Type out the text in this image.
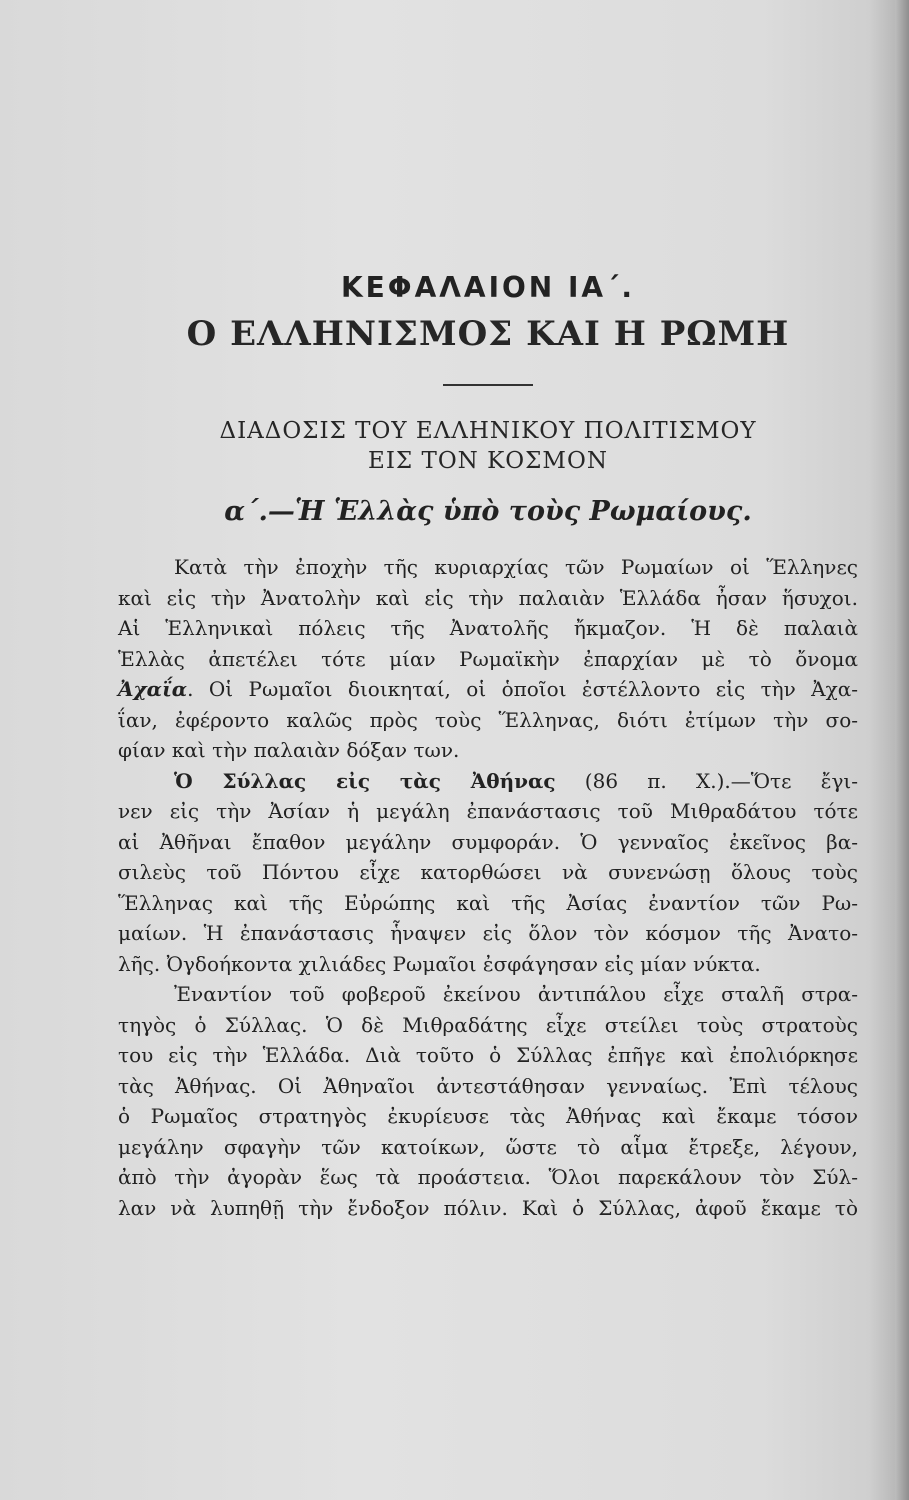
ΚΕΦΑΛΑΙΟΝ ΙΑ΄.
Ο ΕΛΛΗΝΙΣΜΟΣ ΚΑΙ Η ΡΩΜΗ

ΔΙΑΔΟΣΙΣ ΤΟΥ ΕΛΛΗΝΙΚΟΥ ΠΟΛΙΤΙΣΜΟΥ

ΕΙΣ ΤΟΝ ΚΟΣΜΟΝ

α΄.—Ἡ Ἑλλὰς ὑπὸ τοὺς Ρωμαίους.

Κατὰ τὴν ἐποχὴν τῆς κυριαρχίας τῶν Ρωμαίων οἱ Ἕλληνες
καὶ εἰς τὴν Ἀνατολὴν καὶ εἰς τὴν παλαιὰν Ἑλλάδα ἦσαν ἥσυχοι.
Αἱ Ἑλληνικαὶ πόλεις τῆς Ἀνατολῆς ἤκμαζον. Ἡ δὲ παλαιὰ
Ἑλλὰς ἀπετέλει τότε μίαν Ρωμαϊκὴν ἐπαρχίαν μὲ τὸ ὄνομα
Ἀχαΐα. Οἱ Ρωμαῖοι διοικηταί, οἱ ὁποῖοι ἐστέλλοντο εἰς τὴν Ἀχα-
ΐαν, ἐφέροντο καλῶς πρὸς τοὺς Ἕλληνας, διότι ἐτίμων τὴν σο-
φίαν καὶ τὴν παλαιὰν δόξαν των.
Ὁ Σύλλας εἰς τὰς Ἀθήνας (86 π. Χ.).—Ὅτε ἔγι-
νεν εἰς τὴν Ἀσίαν ἡ μεγάλη ἐπανάστασις τοῦ Μιθραδάτου τότε
αἱ Ἀθῆναι ἔπαθον μεγάλην συμφοράν. Ὁ γενναῖος ἐκεῖνος βα-
σιλεὺς τοῦ Πόντου εἶχε κατορθώσει νὰ συνενώσῃ ὅλους τοὺς
Ἕλληνας καὶ τῆς Εὐρώπης καὶ τῆς Ἀσίας ἐναντίον τῶν Ρω-
μαίων. Ἡ ἐπανάστασις ἧναψεν εἰς ὅλον τὸν κόσμον τῆς Ἀνατο-
λῆς. Ὀγδοήκοντα χιλιάδες Ρωμαῖοι ἐσφάγησαν εἰς μίαν νύκτα.
Ἐναντίον τοῦ φοβεροῦ ἐκείνου ἀντιπάλου εἶχε σταλῆ στρα-
τηγὸς ὁ Σύλλας. Ὁ δὲ Μιθραδάτης εἶχε στείλει τοὺς στρατοὺς
του εἰς τὴν Ἑλλάδα. Διὰ τοῦτο ὁ Σύλλας ἐπῆγε καὶ ἐπολιόρκησε
τὰς Ἀθήνας. Οἱ Ἀθηναῖοι ἀντεστάθησαν γενναίως. Ἐπὶ τέλους
ὁ Ρωμαῖος στρατηγὸς ἐκυρίευσε τὰς Ἀθήνας καὶ ἔκαμε τόσον
μεγάλην σφαγὴν τῶν κατοίκων, ὥστε τὸ αἷμα ἔτρεξε, λέγουν,
ἀπὸ τὴν ἀγορὰν ἕως τὰ προάστεια. Ὅλοι παρεκάλουν τὸν Σύλ-
λαν νὰ λυπηθῇ τὴν ἔνδοξον πόλιν. Καὶ ὁ Σύλλας, ἀφοῦ ἔκαμε τὸ
